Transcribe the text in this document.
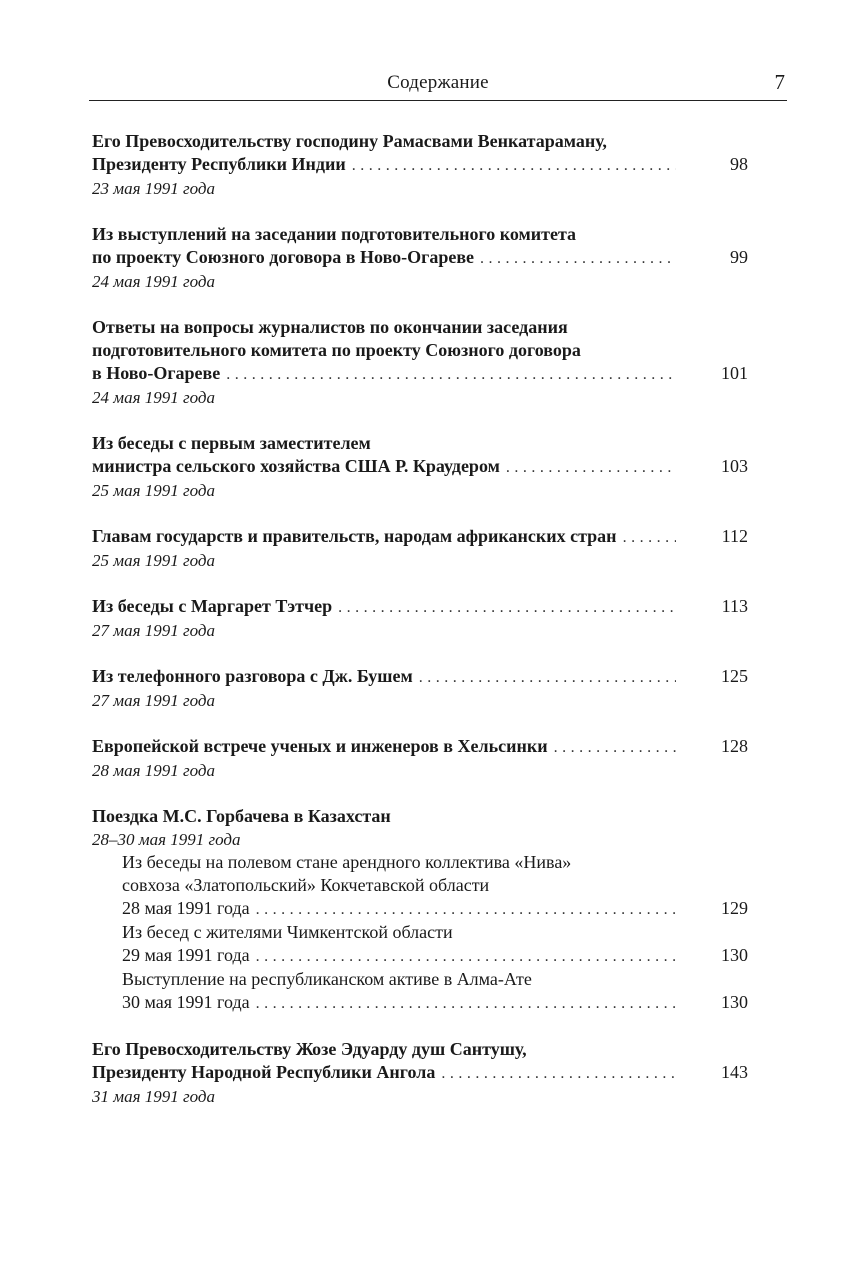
Содержание	7
Его Превосходительству господину Рамасвами Венкатараману,
Президенту Республики Индии . . .	98
23 мая 1991 года
Из выступлений на заседании подготовительного комитета
по проекту Союзного договора в Ново-Огареве . . .	99
24 мая 1991 года
Ответы на вопросы журналистов по окончании заседания
подготовительного комитета по проекту Союзного договора
в Ново-Огареве . . .	101
24 мая 1991 года
Из беседы с первым заместителем
министра сельского хозяйства США Р. Краудером . . .	103
25 мая 1991 года
Главам государств и правительств, народам африканских стран . . .	112
25 мая 1991 года
Из беседы с Маргарет Тэтчер . . .	113
27 мая 1991 года
Из телефонного разговора с Дж. Бушем . . .	125
27 мая 1991 года
Европейской встрече ученых и инженеров в Хельсинки . . .	128
28 мая 1991 года
Поездка М.С. Горбачева в Казахстан
28–30 мая 1991 года
Из беседы на полевом стане арендного коллектива «Нива»
совхоза «Златопольский» Кокчетавской области
28 мая 1991 года . . .	129
Из бесед с жителями Чимкентской области
29 мая 1991 года . . .	130
Выступление на республиканском активе в Алма-Ате
30 мая 1991 года . . .	130
Его Превосходительству Жозе Эдуарду душ Сантушу,
Президенту Народной Республики Ангола . . .	143
31 мая 1991 года
